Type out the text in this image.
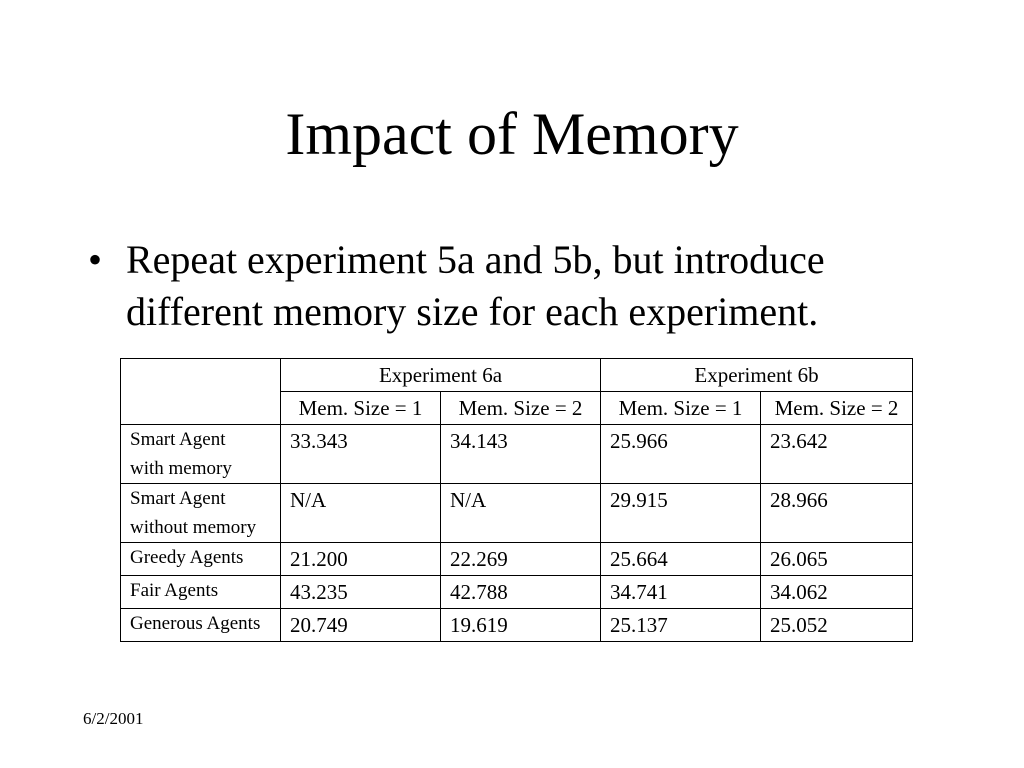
Impact of Memory
• Repeat experiment 5a and 5b, but introduce different memory size for each experiment.
	Experiment 6a		Experiment 6b	
	Mem. Size = 1	Mem. Size = 2	Mem. Size = 1	Mem. Size = 2
Smart Agent
with memory	33.343	34.143	25.966	23.642
Smart Agent
without memory	N/A	N/A	29.915	28.966
Greedy Agents	21.200	22.269	25.664	26.065
Fair Agents	43.235	42.788	34.741	34.062
Generous Agents	20.749	19.619	25.137	25.052
6/2/2001
